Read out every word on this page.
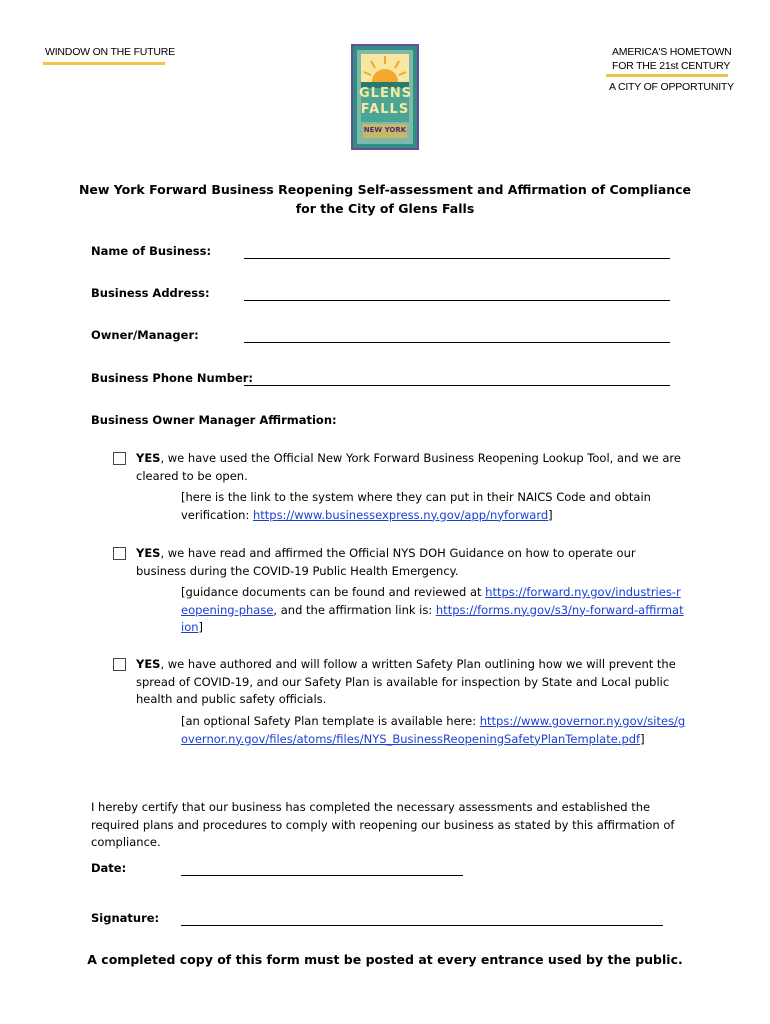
WINDOW ON THE FUTURE
GLENS
FALLS
NEW YORK
AMERICA'S HOMETOWN
FOR THE 21st CENTURY
A CITY OF OPPORTUNITY
New York Forward Business Reopening Self-assessment and Affirmation of Compliance
for the City of Glens Falls
Name of Business:
Business Address:
Owner/Manager:
Business Phone Number:
Business Owner Manager Affirmation:
YES, we have used the Official New York Forward Business Reopening Lookup Tool, and we are cleared to be open.
[here is the link to the system where they can put in their NAICS Code and obtain verification: https://www.businessexpress.ny.gov/app/nyforward]
YES, we have read and affirmed the Official NYS DOH Guidance on how to operate our business during the COVID-19 Public Health Emergency.
[guidance documents can be found and reviewed at https://forward.ny.gov/industries-reopening-phase, and the affirmation link is: https://forms.ny.gov/s3/ny-forward-affirmation]
YES, we have authored and will follow a written Safety Plan outlining how we will prevent the spread of COVID-19, and our Safety Plan is available for inspection by State and Local public health and public safety officials.
[an optional Safety Plan template is available here: https://www.governor.ny.gov/sites/governor.ny.gov/files/atoms/files/NYS_BusinessReopeningSafetyPlanTemplate.pdf]
I hereby certify that our business has completed the necessary assessments and established the required plans and procedures to comply with reopening our business as stated by this affirmation of compliance.
Date:
Signature:
A completed copy of this form must be posted at every entrance used by the public.
